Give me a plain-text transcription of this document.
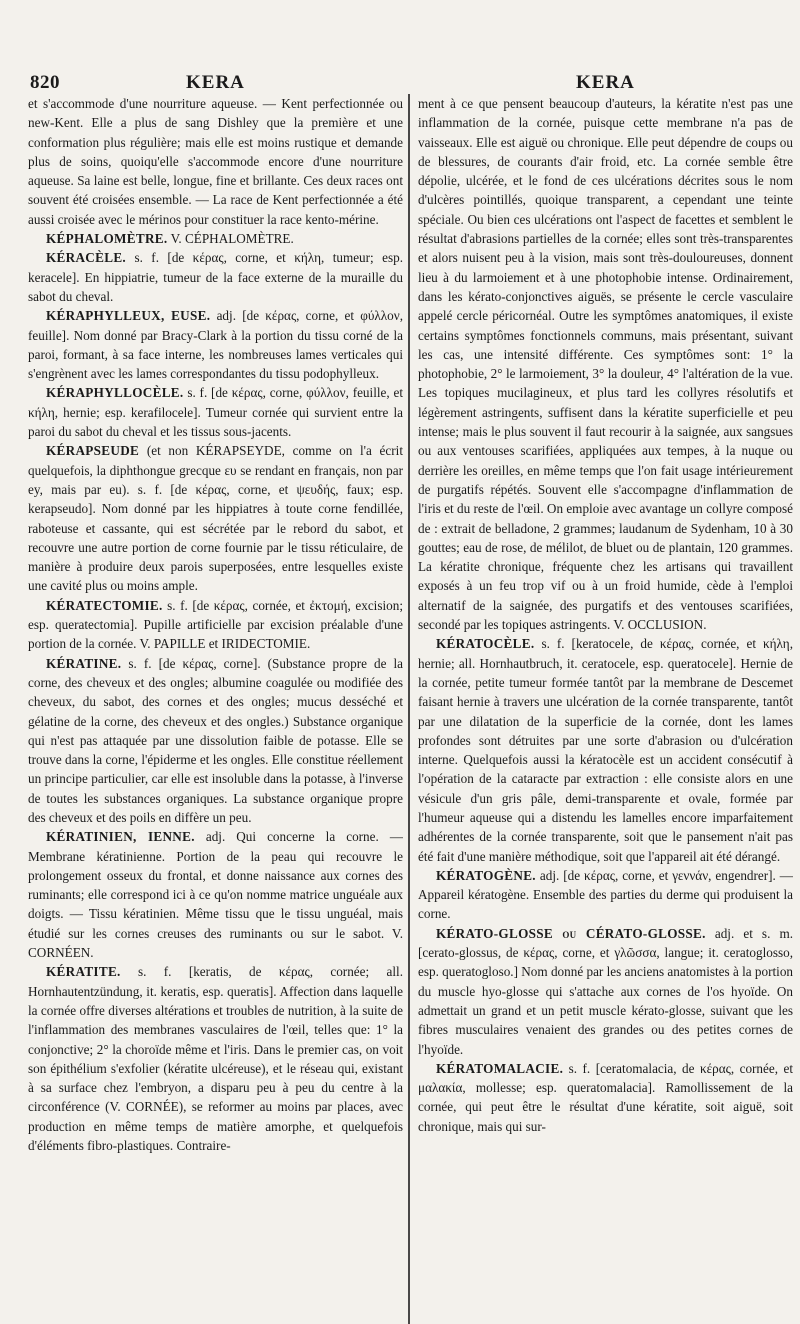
820	KERA	KERA

et s'accommode d'une nourriture aqueuse. — Kent perfectionnée ou new-Kent. Elle a plus de sang Dishley que la première et une conformation plus régulière; mais elle est moins rustique et demande plus de soins, quoiqu'elle s'accommode encore d'une nourriture aqueuse. Sa laine est belle, longue, fine et brillante. Ces deux races ont souvent été croisées ensemble. — La race de Kent perfectionnée a été aussi croisée avec le mérinos pour constituer la race kento-mérine.

KÉPHALOMÈTRE. V. CÉPHALOMÈTRE.

KÉRACÈLE. s. f. [de κέρας, corne, et κήλη, tumeur; esp. keracele]. En hippiatrie, tumeur de la face externe de la muraille du sabot du cheval.

KÉRAPHYLLEUX, EUSE. adj. [de κέρας, corne, et φύλλον, feuille]. Nom donné par Bracy-Clark à la portion du tissu corné de la paroi, formant, à sa face interne, les nombreuses lames verticales qui s'engrènent avec les lames correspondantes du tissu podophylleux.

KÉRAPHYLLOCÈLE. s. f. [de κέρας, corne, φύλλον, feuille, et κήλη, hernie; esp. kerafilocele]. Tumeur cornée qui survient entre la paroi du sabot du cheval et les tissus sous-jacents.

KÉRAPSEUDE (et non KÉRAPSEYDE, comme on l'a écrit quelquefois, la diphthongue grecque ευ se rendant en français, non par ey, mais par eu). s. f. [de κέρας, corne, et ψευδής, faux; esp. kerapseudo]. Nom donné par les hippiatres à toute corne fendillée, raboteuse et cassante, qui est sécrétée par le rebord du sabot, et recouvre une autre portion de corne fournie par le tissu réticulaire, de manière à produire deux parois superposées, entre lesquelles existe une cavité plus ou moins ample.

KÉRATECTOMIE. s. f. [de κέρας, cornée, et ἐκτομή, excision; esp. queratectomia]. Pupille artificielle par excision préalable d'une portion de la cornée. V. PAPILLE et IRIDECTOMIE.

KÉRATINE. s. f. [de κέρας, corne]. (Substance propre de la corne, des cheveux et des ongles; albumine coagulée ou modifiée des cheveux, du sabot, des cornes et des ongles; mucus desséché et gélatine de la corne, des cheveux et des ongles.) Substance organique qui n'est pas attaquée par une dissolution faible de potasse. Elle se trouve dans la corne, l'épiderme et les ongles. Elle constitue réellement un principe particulier, car elle est insoluble dans la potasse, à l'inverse de toutes les substances organiques. La substance organique propre des cheveux et des poils en diffère un peu.

KÉRATINIEN, IENNE. adj. Qui concerne la corne. — Membrane kératinienne. Portion de la peau qui recouvre le prolongement osseux du frontal, et donne naissance aux cornes des ruminants; elle correspond ici à ce qu'on nomme matrice unguéale aux doigts. — Tissu kératinien. Même tissu que le tissu unguéal, mais étudié sur les cornes creuses des ruminants ou sur le sabot. V. CORNÉEN.

KÉRATITE. s. f. [keratis, de κέρας, cornée; all. Hornhautentzündung, it. keratis, esp. queratis]. Affection dans laquelle la cornée offre diverses altérations et troubles de nutrition, à la suite de l'inflammation des membranes vasculaires de l'œil, telles que: 1° la conjonctive; 2° la choroïde même et l'iris. Dans le premier cas, on voit son épithélium s'exfolier (kératite ulcéreuse), et le réseau qui, existant à sa surface chez l'embryon, a disparu peu à peu du centre à la circonférence (V. CORNÉE), se reformer au moins par places, avec production en même temps de matière amorphe, et quelquefois d'éléments fibro-plastiques. Contraire-

ment à ce que pensent beaucoup d'auteurs, la kératite n'est pas une inflammation de la cornée, puisque cette membrane n'a pas de vaisseaux. Elle est aiguë ou chronique. Elle peut dépendre de coups ou de blessures, de courants d'air froid, etc. La cornée semble être dépolie, ulcérée, et le fond de ces ulcérations décrites sous le nom d'ulcères pointillés, quoique transparent, a cependant une teinte spéciale. Ou bien ces ulcérations ont l'aspect de facettes et semblent le résultat d'abrasions partielles de la cornée; elles sont très-transparentes et alors nuisent peu à la vision, mais sont très-douloureuses, donnent lieu à du larmoiement et à une photophobie intense. Ordinairement, dans les kérato-conjonctives aiguës, se présente le cercle vasculaire appelé cercle péricornéal. Outre les symptômes anatomiques, il existe certains symptômes fonctionnels communs, mais présentant, suivant les cas, une intensité différente. Ces symptômes sont: 1° la photophobie, 2° le larmoiement, 3° la douleur, 4° l'altération de la vue. Les topiques mucilagineux, et plus tard les collyres résolutifs et légèrement astringents, suffisent dans la kératite superficielle et peu intense; mais le plus souvent il faut recourir à la saignée, aux sangsues ou aux ventouses scarifiées, appliquées aux tempes, à la nuque ou derrière les oreilles, en même temps que l'on fait usage intérieurement de purgatifs répétés. Souvent elle s'accompagne d'inflammation de l'iris et du reste de l'œil. On emploie avec avantage un collyre composé de : extrait de belladone, 2 grammes; laudanum de Sydenham, 10 à 30 gouttes; eau de rose, de mélilot, de bluet ou de plantain, 120 grammes. La kératite chronique, fréquente chez les artisans qui travaillent exposés à un feu trop vif ou à un froid humide, cède à l'emploi alternatif de la saignée, des purgatifs et des ventouses scarifiées, secondé par les topiques astringents. V. OCCLUSION.

KÉRATOCÈLE. s. f. [keratocele, de κέρας, cornée, et κήλη, hernie; all. Hornhautbruch, it. ceratocele, esp. queratocele]. Hernie de la cornée, petite tumeur formée tantôt par la membrane de Descemet faisant hernie à travers une ulcération de la cornée transparente, tantôt par une dilatation de la superficie de la cornée, dont les lames profondes sont détruites par une sorte d'abrasion ou d'ulcération interne. Quelquefois aussi la kératocèle est un accident consécutif à l'opération de la cataracte par extraction : elle consiste alors en une vésicule d'un gris pâle, demi-transparente et ovale, formée par l'humeur aqueuse qui a distendu les lamelles encore imparfaitement adhérentes de la cornée transparente, soit que le pansement n'ait pas été fait d'une manière méthodique, soit que l'appareil ait été dérangé.

KÉRATOGÈNE. adj. [de κέρας, corne, et γεννάν, engendrer]. — Appareil kératogène. Ensemble des parties du derme qui produisent la corne.

KÉRATO-GLOSSE ou CÉRATO-GLOSSE. adj. et s. m. [cerato-glossus, de κέρας, corne, et γλῶσσα, langue; it. ceratoglosso, esp. queratogloso.] Nom donné par les anciens anatomistes à la portion du muscle hyo-glosse qui s'attache aux cornes de l'os hyoïde. On admettait un grand et un petit muscle kérato-glosse, suivant que les fibres musculaires venaient des grandes ou des petites cornes de l'hyoïde.

KÉRATOMALACIE. s. f. [ceratomalacia, de κέρας, cornée, et μαλακία, mollesse; esp. queratomalacia]. Ramollissement de la cornée, qui peut être le résultat d'une kératite, soit aiguë, soit chronique, mais qui sur-
